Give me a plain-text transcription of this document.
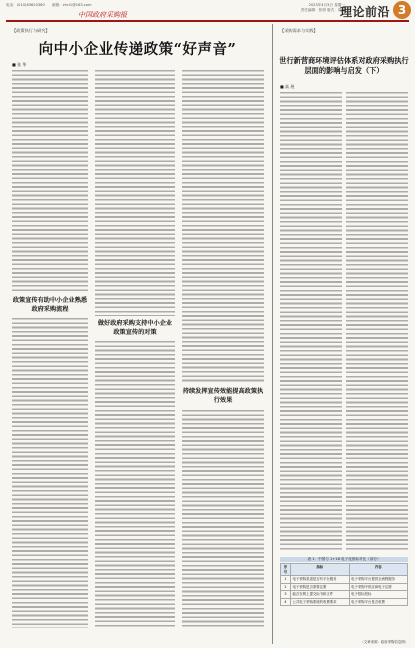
电话：(010)63620360 邮箱：zhcl1@163.com
中国政府采购报
2023年4月3日 星期一
责任编辑：张明 版式：梁海
理论前沿 3
【 政策执行与研究 】
向中小企业传递政策“好声音”
■ 张 华
政策宣传有助中小企业熟悉政府采购流程
做好政府采购支持中小企业政策宣传的对策
持续发挥宣传效能提高政策执行效果
【 采购需求与实践 】
世行新营商环境评估体系对政府采购执行层面的影响与启发（下）
■ 高 展
表 1：中国与 1+18 电子化指标对比（部分）
序号	指标	内容
1	电子采购渠道是否有平台服务	电子采购平台提供全流程服务
2	电子采购是否需要注册	电子采购中供应商电子注册
3	能否在网上提交标书和文件	电子招标投标
4	公共电子采购系统的收费要求	电子采购平台是否收费
（文章来源：政府采购信息网）
